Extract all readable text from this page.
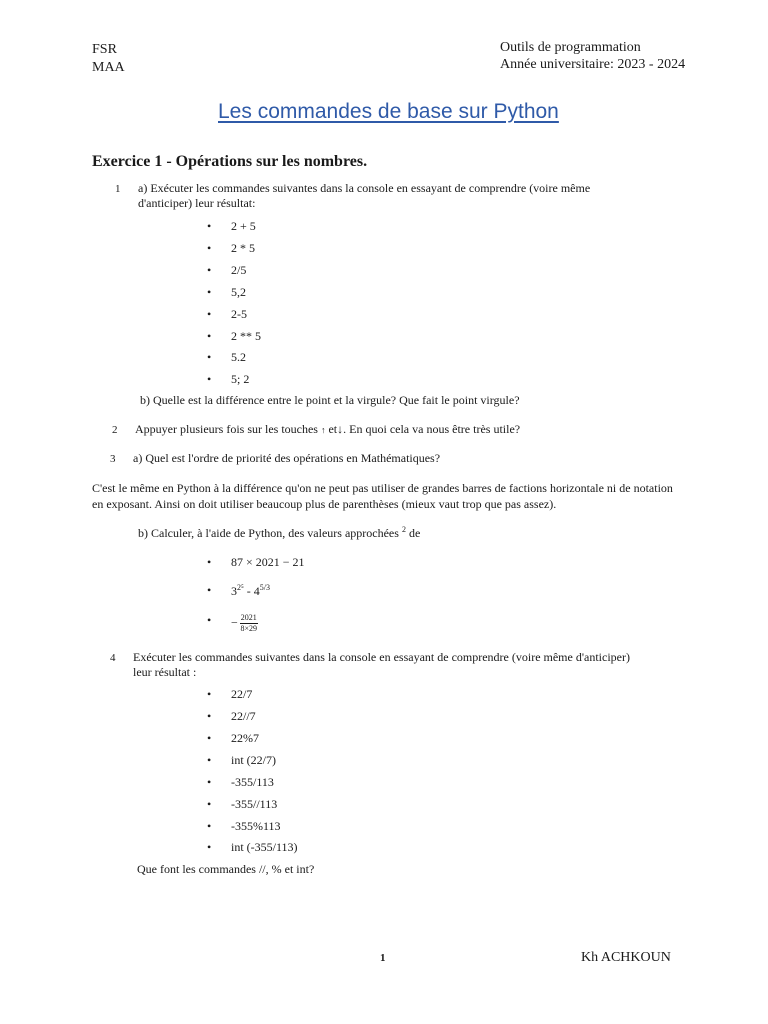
FSR
MAA
Outils de programmation
Année universitaire: 2023 - 2024
Les commandes de base sur Python
Exercice 1 - Opérations sur les nombres.
1 a) Exécuter les commandes suivantes dans la console en essayant de comprendre (voire même
d'anticiper) leur résultat:
• 2 + 5
• 2 * 5
• 2/5
• 5,2
• 2-5
• 2 ** 5
• 5.2
• 5; 2
b) Quelle est la différence entre le point et la virgule? Que fait le point virgule?
2 Appuyer plusieurs fois sur les touches ↑ et↓. En quoi cela va nous être très utile?
3 a) Quel est l'ordre de priorité des opérations en Mathématiques?
C'est le même en Python à la différence qu'on ne peut pas utiliser de grandes barres de factions horizontale ni de notation en exposant. Ainsi on doit utiliser beaucoup plus de parenthèses (mieux vaut trop que pas assez).
b) Calculer, à l'aide de Python, des valeurs approchées $^2$ de
• 87 × 2021 − 21
• $3^{2^5} - 4^{5/3}$
• − $\frac{2021}{8\times 29}$
4 Exécuter les commandes suivantes dans la console en essayant de comprendre (voire même d'anticiper)
leur résultat :
• 22/7
• 22//7
• 22%7
• int (22/7)
• -355/113
• -355//113
• -355%113
• int (-355/113)
Que font les commandes //, % et int?
1	Kh ACHKOUN
